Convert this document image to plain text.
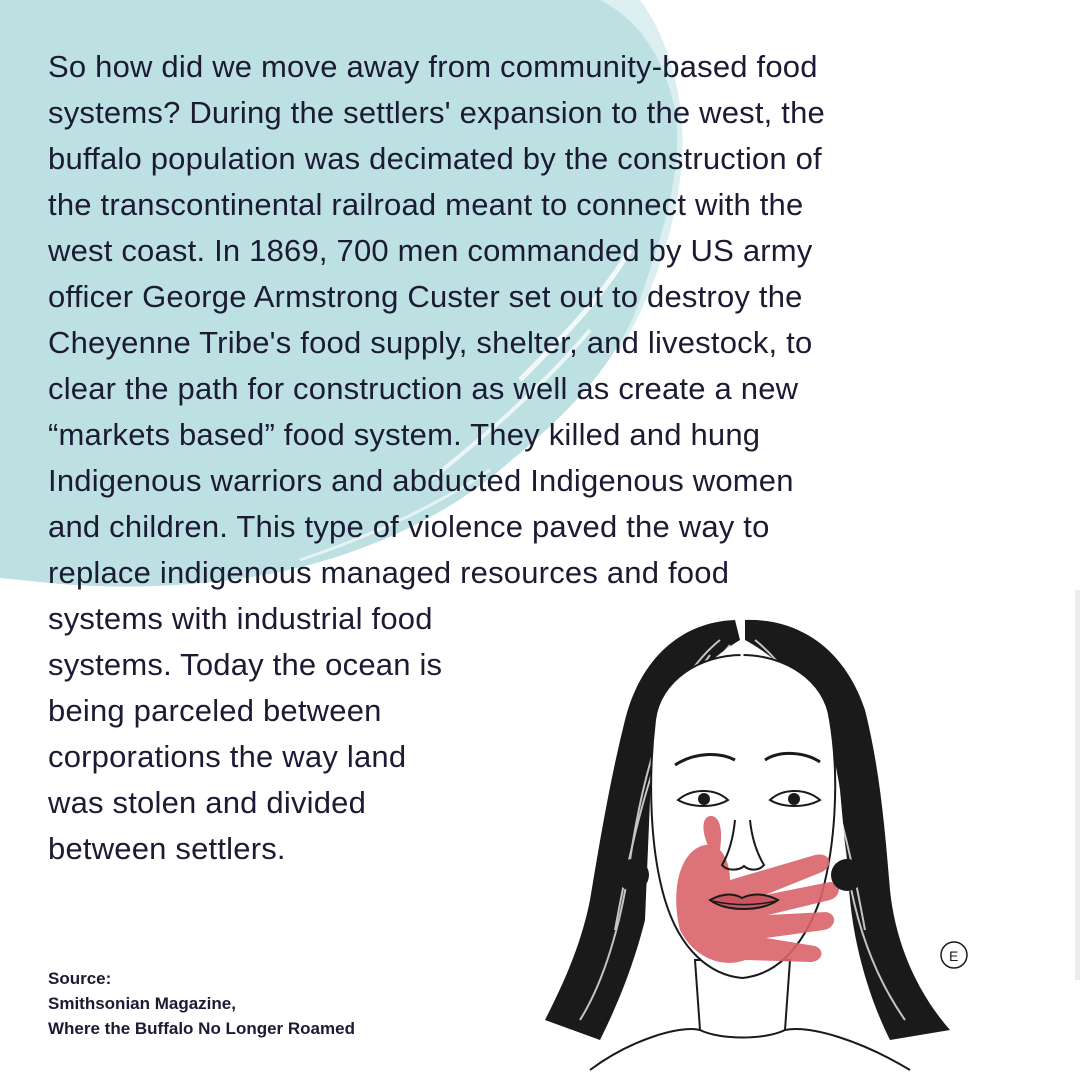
So how did we move away from community-based food
systems? During the settlers' expansion to the west, the
buffalo population was decimated by the construction of
the transcontinental railroad meant to connect with the
west coast. In 1869, 700 men commanded by US army
officer George Armstrong Custer set out to destroy the
Cheyenne Tribe's food supply, shelter, and livestock, to
clear the path for construction as well as create a new
“markets based” food system. They killed and hung
Indigenous warriors and abducted Indigenous women
and children. This type of violence paved the way to
replace indigenous managed resources and food
systems with industrial food
systems. Today the ocean is
being parceled between
corporations the way land
was stolen and divided
between settlers.

Source:
Smithsonian Magazine,
Where the Buffalo No Longer Roamed
E
